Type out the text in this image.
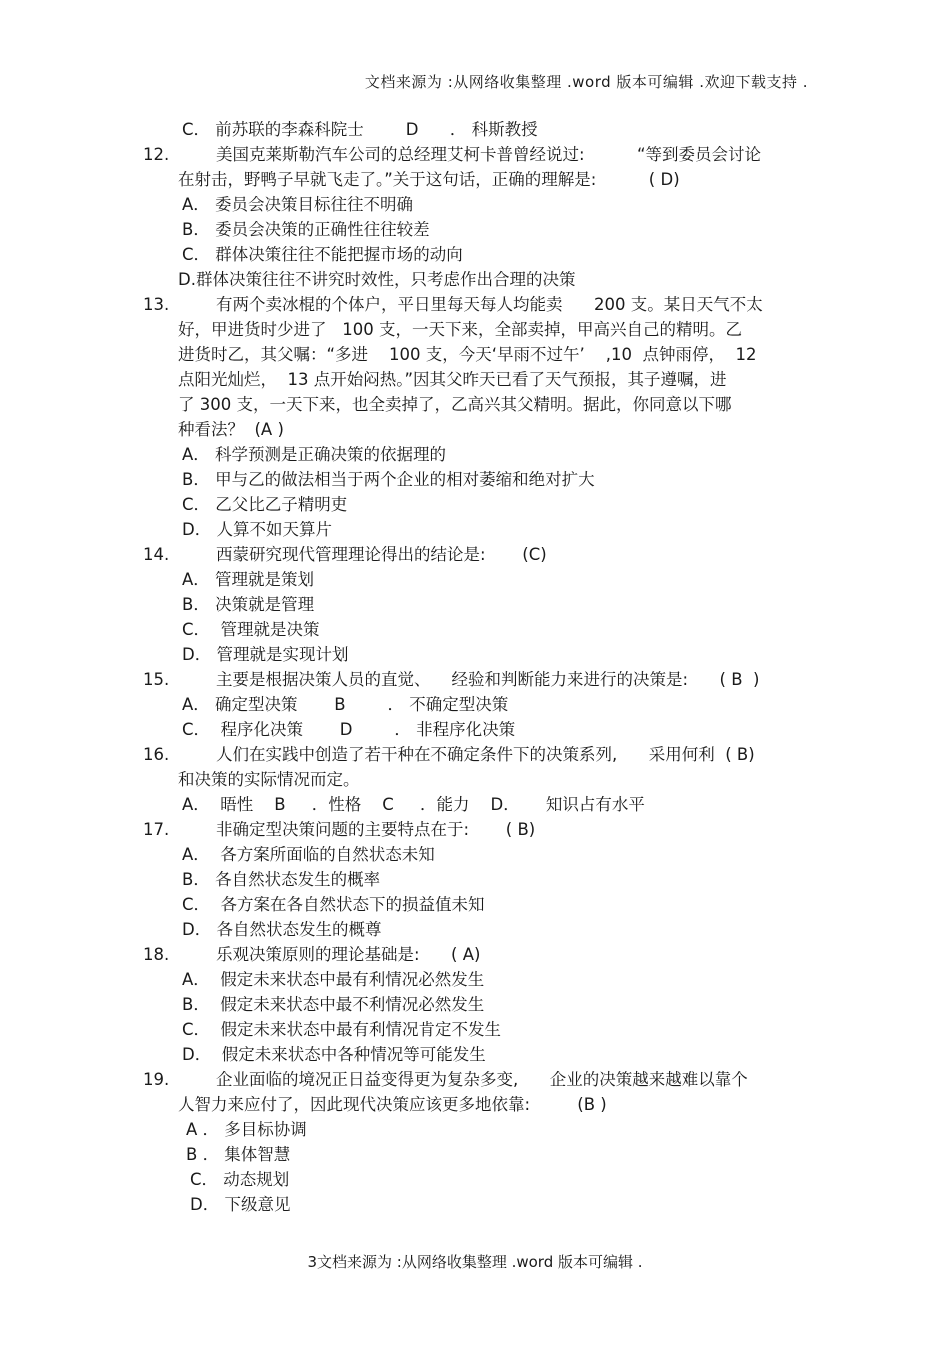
文档来源为 :从网络收集整理 .word 版本可编辑 .欢迎下载支持 .
C． 前苏联的李森科院士        D      ． 科斯教授
12.	美国克莱斯勒汽车公司的总经理艾柯卡普曾经说过:          “等到委员会讨论
在射击，野鸭子早就飞走了。”关于这句话，正确的理解是:          ( D)
A． 委员会决策目标往往不明确
B． 委员会决策的正确性往往较差
C． 群体决策往往不能把握市场的动向
D.群体决策往往不讲究时效性，只考虑作出合理的决策
13.	有两个卖冰棍的个体户，平日里每天每人均能卖      200 支。某日天气不太
好，甲进货时少进了   100 支，一天下来，全部卖掉，甲高兴自己的精明。乙
进货时乙，其父嘱：“多进    100 支，今天‘早雨不过午’    ,10  点钟雨停，  12
点阳光灿烂，  13 点开始闷热。”因其父昨天已看了天气预报，其子遵嘱，进
了 300 支，一天下来，也全卖掉了，乙高兴其父精明。据此，你同意以下哪
种看法？  (A )
A． 科学预测是正确决策的依据理的
B． 甲与乙的做法相当于两个企业的相对萎缩和绝对扩大
C． 乙父比乙子精明吏
D． 人算不如天算片
14.	西蒙研究现代管理理论得出的结论是:       (C)
A． 管理就是策划
B． 决策就是管理
C．  管理就是决策
D． 管理就是实现计划
15.	主要是根据决策人员的直觉、    经验和判断能力来进行的决策是:      ( B  )
A． 确定型决策       B        ． 不确定型决策
C．  程序化决策       D        ． 非程序化决策
16.	人们在实践中创造了若干种在不确定条件下的决策系列,      采用何利  ( B)
和决策的实际情况而定。
A．  晤性    B     ．性格    C     ．能力    D．     知识占有水平
17.	非确定型决策问题的主要特点在于:       ( B)
A．  各方案所面临的自然状态未知
B． 各自然状态发生的概率
C．  各方案在各自然状态下的损益值未知
D． 各自然状态发生的概尊
18.	乐观决策原则的理论基础是:      ( A)
A．  假定未来状态中最有利情况必然发生
B．  假定未来状态中最不利情况必然发生
C．  假定未来状态中最有利情况肯定不发生
D．  假定未来状态中各种情况等可能发生
19.	企业面临的境况正日益变得更为复杂多变,      企业的决策越来越难以靠个
人智力来应付了，因此现代决策应该更多地依靠:         (B )
A ． 多目标协调
B ． 集体智慧
C． 动态规划
D． 下级意见
3文档来源为 :从网络收集整理 .word 版本可编辑 .
